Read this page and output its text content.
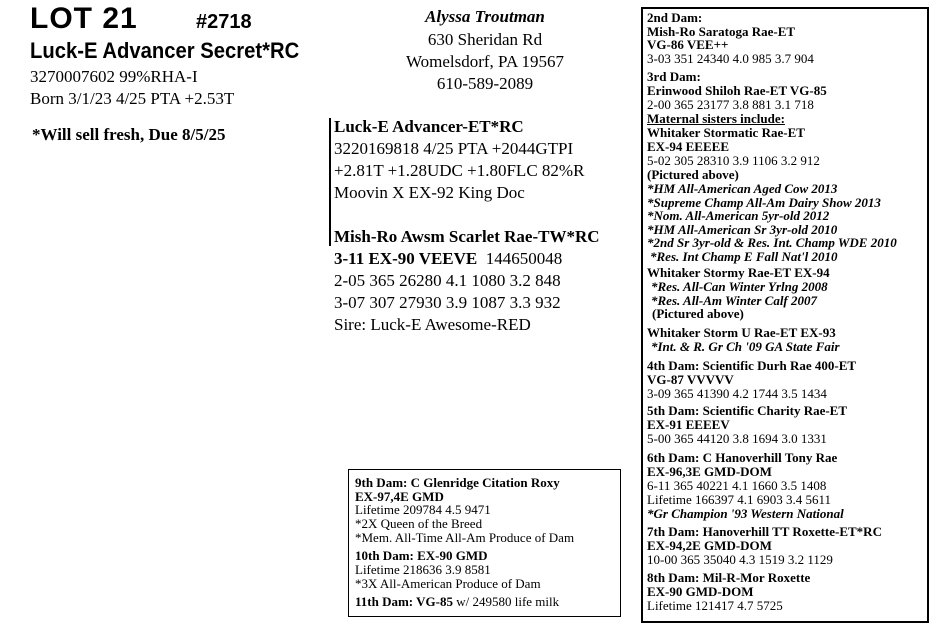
LOT 21	#2718
Luck-E Advancer Secret*RC
3270007602 99%RHA-I
Born 3/1/23 4/25 PTA +2.53T
*Will sell fresh, Due 8/5/25
Alyssa Troutman
630 Sheridan Rd
Womelsdorf, PA 19567
610-589-2089
Luck-E Advancer-ET*RC
3220169818 4/25 PTA +2044GTPI
+2.81T +1.28UDC +1.80FLC 82%R
Moovin X EX-92 King Doc
Mish-Ro Awsm Scarlet Rae-TW*RC
3-11 EX-90 VEEVE 144650048
2-05 365 26280 4.1 1080 3.2 848
3-07 307 27930 3.9 1087 3.3 932
Sire: Luck-E Awesome-RED
2nd Dam:
Mish-Ro Saratoga Rae-ET
VG-86 VEE++
3-03 351 24340 4.0 985 3.7 904
3rd Dam:
Erinwood Shiloh Rae-ET VG-85
2-00 365 23177 3.8 881 3.1 718
Maternal sisters include:
Whitaker Stormatic Rae-ET
EX-94 EEEEE
5-02 305 28310 3.9 1106 3.2 912
(Pictured above)
*HM All-American Aged Cow 2013
*Supreme Champ All-Am Dairy Show 2013
*Nom. All-American 5yr-old 2012
*HM All-American Sr 3yr-old 2010
*2nd Sr 3yr-old & Res. Int. Champ WDE 2010
*Res. Int Champ E Fall Nat'l 2010
Whitaker Stormy Rae-ET EX-94
*Res. All-Can Winter Yrlng 2008
*Res. All-Am Winter Calf 2007
(Pictured above)
Whitaker Storm U Rae-ET EX-93
*Int. & R. Gr Ch '09 GA State Fair
4th Dam: Scientific Durh Rae 400-ET
VG-87 VVVVV
3-09 365 41390 4.2 1744 3.5 1434
5th Dam: Scientific Charity Rae-ET
EX-91 EEEEV
5-00 365 44120 3.8 1694 3.0 1331
6th Dam: C Hanoverhill Tony Rae
EX-96,3E GMD-DOM
6-11 365 40221 4.1 1660 3.5 1408
Lifetime 166397 4.1 6903 3.4 5611
*Gr Champion '93 Western National
7th Dam: Hanoverhill TT Roxette-ET*RC
EX-94,2E GMD-DOM
10-00 365 35040 4.3 1519 3.2 1129
8th Dam: Mil-R-Mor Roxette
EX-90 GMD-DOM
Lifetime 121417 4.7 5725
9th Dam: C Glenridge Citation Roxy
EX-97,4E GMD
Lifetime 209784 4.5 9471
*2X Queen of the Breed
*Mem. All-Time All-Am Produce of Dam
10th Dam: EX-90 GMD
Lifetime 218636 3.9 8581
*3X All-American Produce of Dam
11th Dam: VG-85 w/ 249580 life milk
